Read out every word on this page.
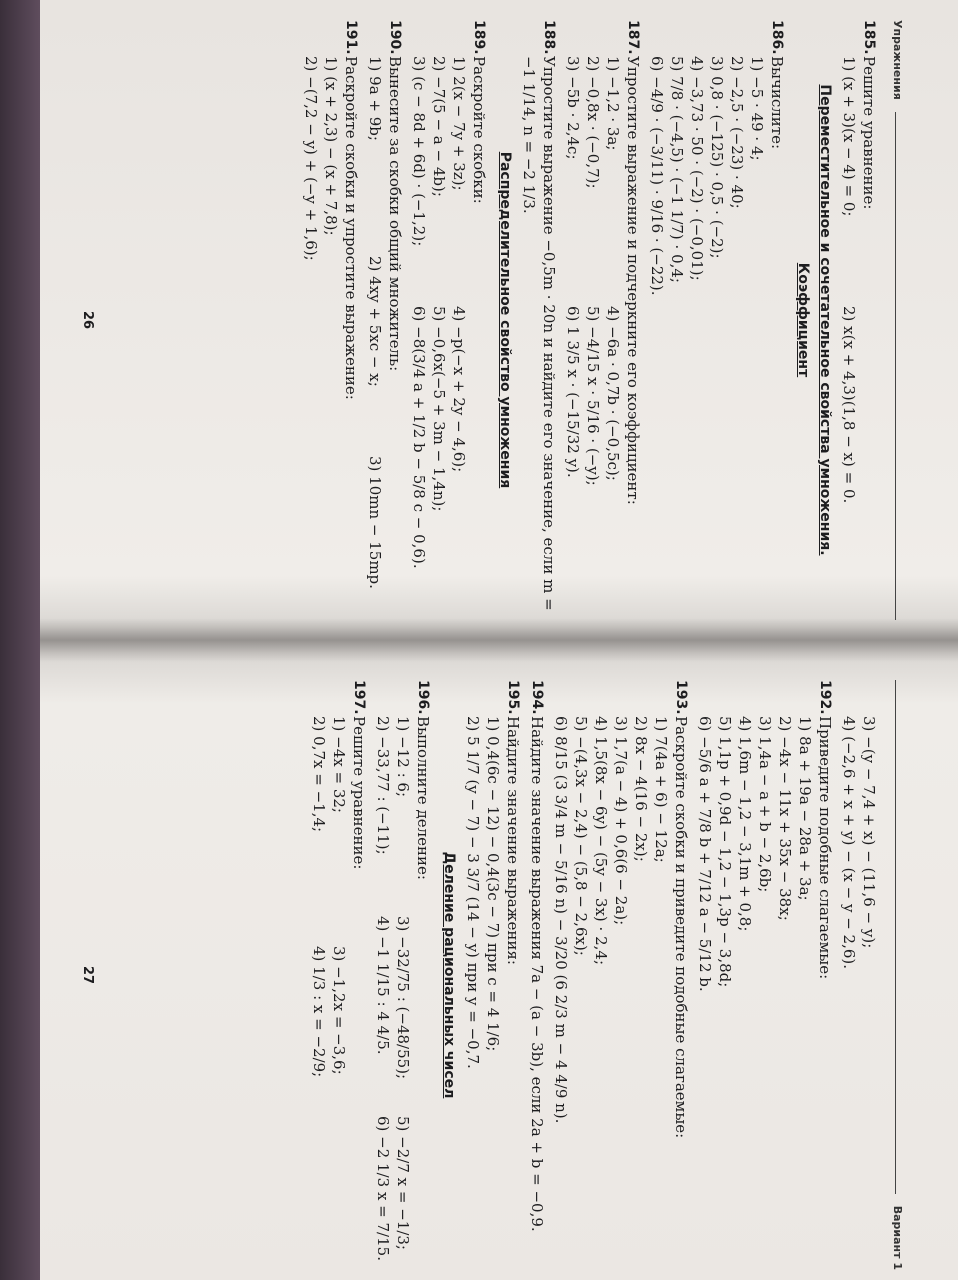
Упражнения
185.
Решите уравнение:
1) (x + 3)(x − 4) = 0;2) x(x + 4,3)(1,8 − x) = 0.
Переместительное и сочетательное свойства умножения.
Коэффициент
186.
Вычислите:
1) −5 · 49 · 4;
2) −2,5 · (−23) · 40;
3) 0,8 · (−125) · 0,5 · (−2);
4) −3,73 · 50 · (−2) · (−0,01);
5) 7/8 · (−4,5) · (−1 1/7) · 0,4;
6) −4/9 · (−3/11) · 9/16 · (−22).
187.
Упростите выражение и подчеркните его коэффициент:
1) −1,2 · 3a;4) −6a · 0,7b · (−0,5c);
2) −0,8x · (−0,7);5) −4/15 x · 5/16 · (−y);
3) −5b · 2,4c;6) 1 3/5 x · (−15/32 y).
188.
Упростите выражение −0,5m · 20n и найдите его значение, если m = −1 1/14, n = −2 1/3.
Распределительное свойство умножения
189.
Раскройте скобки:
1) 2(x − 7y + 3z);4) −p(−x + 2y − 4,6);
2) −7(5 − a − 4b);5) −0,6x(−5 + 3m − 1,4n);
3) (c − 8d + 6d) · (−1,2);6) −8(3/4 a + 1/2 b − 5/8 c − 0,6).
190.
Вынесите за скобки общий множитель:
1) 9a + 9b;2) 4xy + 5xc − x;3) 10mn − 15mp.
191.
Раскройте скобки и упростите выражение:
1) (x + 2,3) − (x + 7,8);
2) −(7,2 − y) + (−y + 1,6);
26
Вариант 1
3) −(y − 7,4 + x) − (11,6 − y);
4) (−2,6 + x + y) − (x − y − 2,6).
192.
Приведите подобные слагаемые:
1) 8a + 19a − 28a + 3a;
2) −4x − 11x + 35x − 38x;
3) 1,4a − a + b − 2,6b;
4) 1,6m − 1,2 − 3,1m + 0,8;
5) 1,1p + 0,9d − 1,2 − 1,3p − 3,8d;
6) −5/6 a + 7/8 b + 7/12 a − 5/12 b.
193.
Раскройте скобки и приведите подобные слагаемые:
1) 7(4a + 6) − 12a;
2) 8x − 4(16 − 2x);
3) 1,7(a − 4) + 0,6(6 − 2a);
4) 1,5(8x − 6y) − (5y − 3x) · 2,4;
5) −(4,3x − 2,4) − (5,8 − 2,6x);
6) 8/15 (3 3/4 m − 5/16 n) − 3/20 (6 2/3 m − 4 4/9 n).
194.
Найдите значение выражения 7a − (a − 3b), если 2a + b = −0,9.
195.
Найдите значение выражения:
1) 0,4(6c − 12) − 0,4(3c − 7) при c = 4 1/6;
2) 5 1/7 (y − 7) − 3 3/7 (14 − y) при y = −0,7.
Деление рациональных чисел
196.
Выполните деление:
1) −12 : 6;3) −32/75 : (−48/55);5) −2/7 x = −1/3;
2) −33,77 : (−11);4) −1 1/15 : 4 4/5.6) −2 1/3 x = 7/15.
197.
Решите уравнение:
1) −4x = 32;3) −1,2x = −3,6;
2) 0,7x = −1,4;4) 1/3 : x = −2/9;
27
